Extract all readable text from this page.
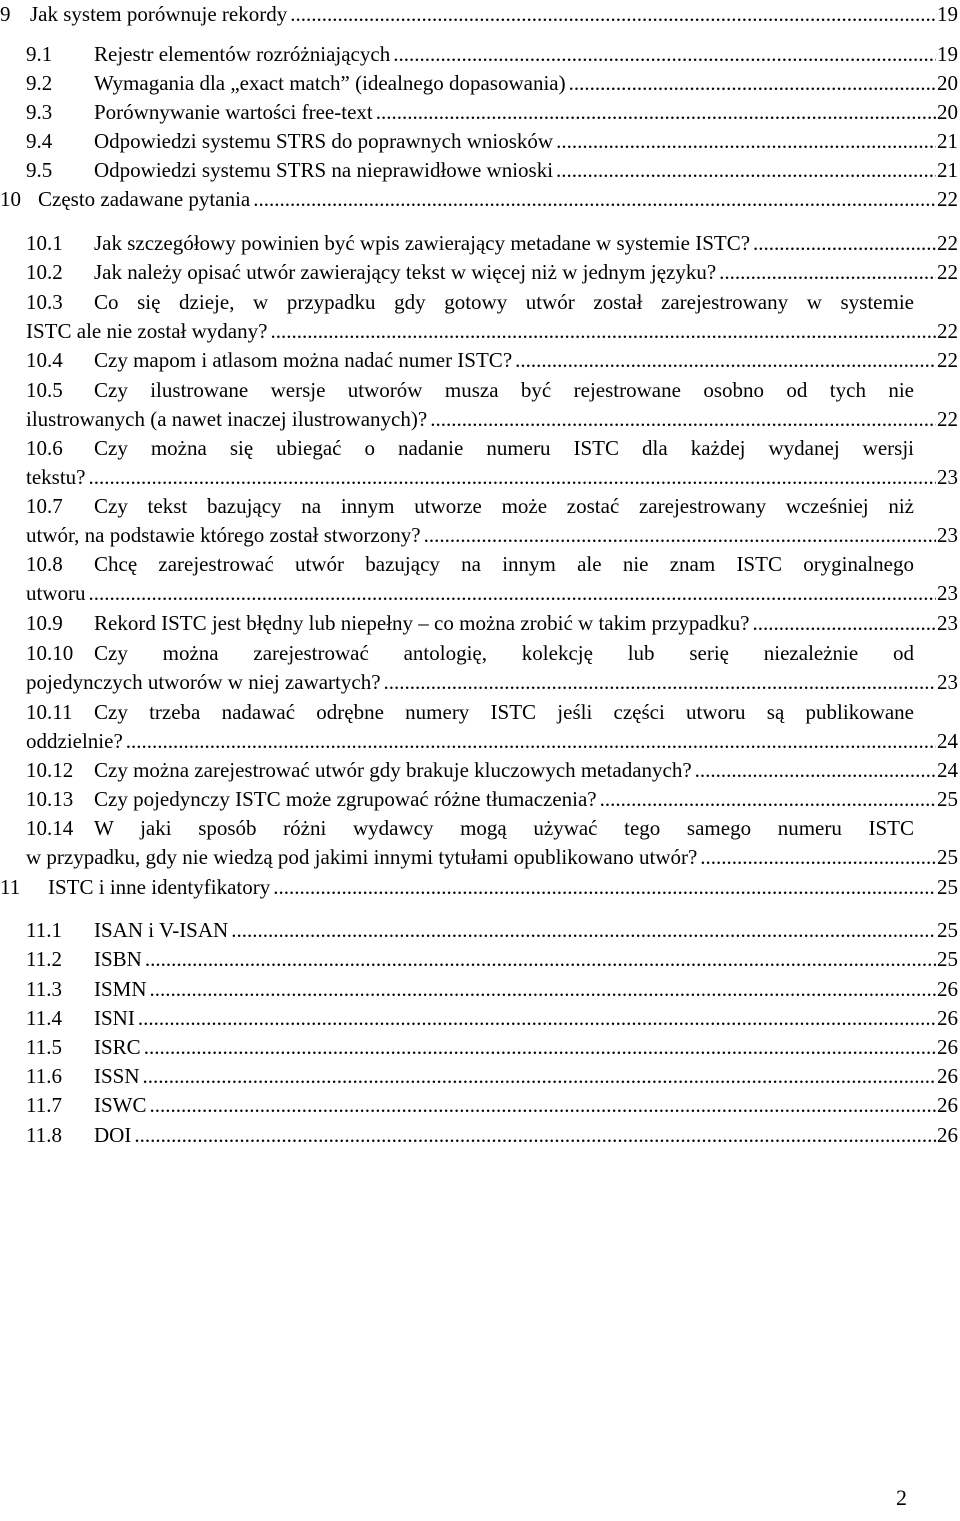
9 Jak system porównuje rekordy .....	19
9.1	Rejestr elementów rozróżniających .....	19
9.2	Wymagania dla „exact match” (idealnego dopasowania) .....	20
9.3	Porównywanie wartości free-text .....	20
9.4	Odpowiedzi systemu STRS do poprawnych wniosków .....	21
9.5	Odpowiedzi systemu STRS na nieprawidłowe wnioski .....	21
10 Często zadawane pytania .....	22
10.1	Jak szczegółowy powinien być wpis zawierający metadane w systemie ISTC? .....	22
10.2	Jak należy opisać utwór zawierający tekst w więcej niż w jednym języku? .....	22
10.3	Co się dzieje, w przypadku gdy gotowy utwór został zarejestrowany w systemie
ISTC ale nie został wydany? .....	22
10.4	Czy mapom i atlasom można nadać numer ISTC? .....	22
10.5	Czy ilustrowane wersje utworów musza być rejestrowane osobno od tych nie
ilustrowanych (a nawet inaczej ilustrowanych)? .....	22
10.6	Czy można się ubiegać o nadanie numeru ISTC dla każdej wydanej wersji
tekstu? .....	23
10.7	Czy tekst bazujący na innym utworze może zostać zarejestrowany wcześniej niż
utwór, na podstawie którego został stworzony? .....	23
10.8	Chcę zarejestrować utwór bazujący na innym ale nie znam ISTC oryginalnego
utworu .....	23
10.9	Rekord ISTC jest błędny lub niepełny – co można zrobić w takim przypadku? .....	23
10.10 Czy można zarejestrować antologię, kolekcję lub serię niezależnie od
pojedynczych utworów w niej zawartych? .....	23
10.11	Czy trzeba nadawać odrębne numery ISTC jeśli części utworu są publikowane
oddzielnie? .....	24
10.12 Czy można zarejestrować utwór gdy brakuje kluczowych metadanych? .....	24
10.13 Czy pojedynczy ISTC może zgrupować różne tłumaczenia? .....	25
10.14 W jaki sposób różni wydawcy mogą używać tego samego numeru ISTC
w przypadku, gdy nie wiedzą pod jakimi innymi tytułami opublikowano utwór? .....	25
11	ISTC i inne identyfikatory .....	25
11.1	ISAN i V-ISAN .....	25
11.2	ISBN .....	25
11.3	ISMN .....	26
11.4	ISNI .....	26
11.5	ISRC .....	26
11.6	ISSN .....	26
11.7	ISWC .....	26
11.8	DOI .....	26
2
